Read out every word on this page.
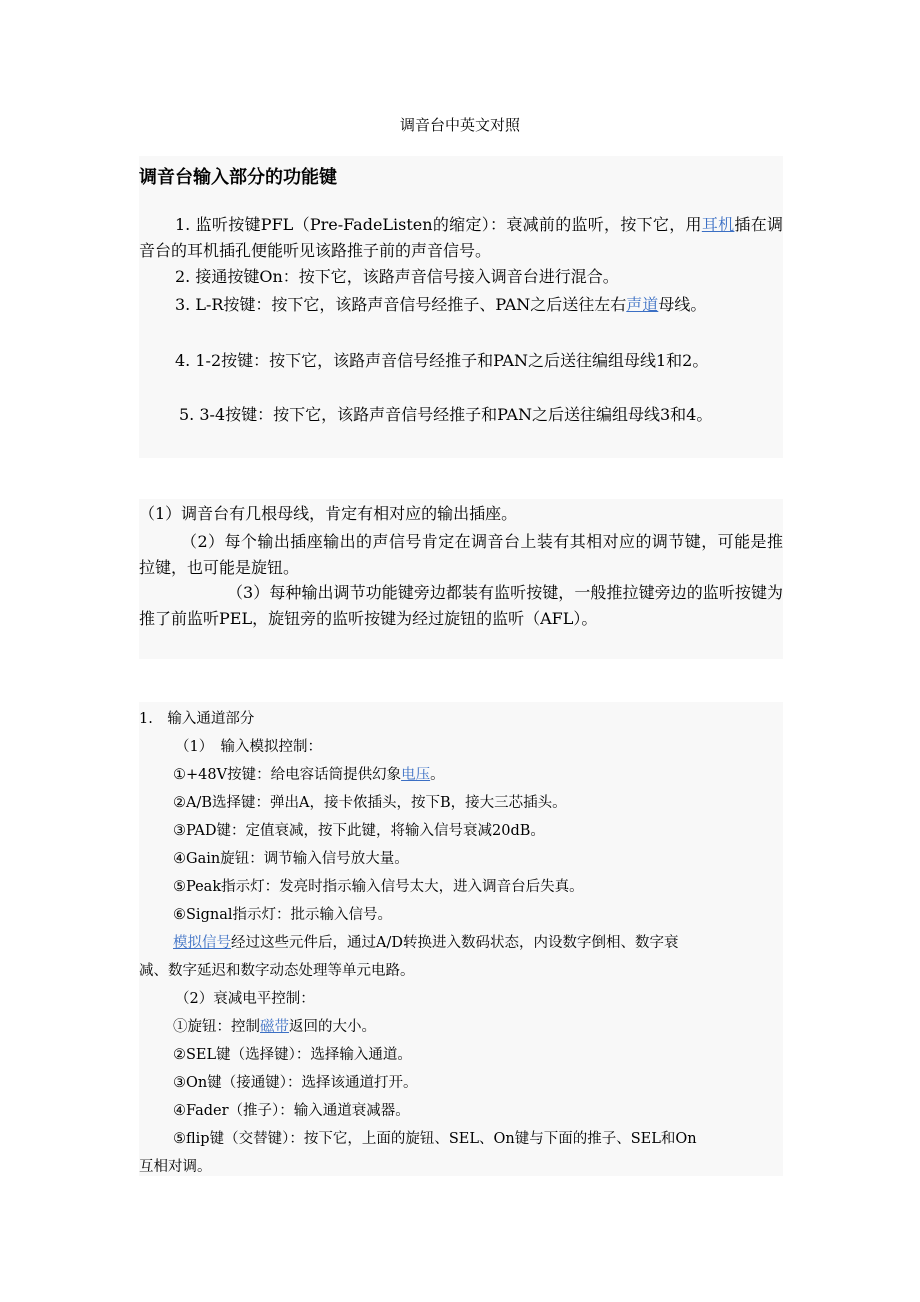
调音台中英文对照
调音台输入部分的功能键
1. 监听按键PFL（Pre-FadeListen的缩定）：衰减前的监听，按下它，用耳机插在调音台的耳机插孔便能听见该路推子前的声音信号。
2. 接通按键On：按下它，该路声音信号接入调音台进行混合。
3. L-R按键：按下它，该路声音信号经推子、PAN之后送往左右声道母线。
4. 1-2按键：按下它，该路声音信号经推子和PAN之后送往编组母线1和2。
5. 3-4按键：按下它，该路声音信号经推子和PAN之后送往编组母线3和4。
（1）调音台有几根母线，肯定有相对应的输出插座。
（2）每个输出插座输出的声信号肯定在调音台上装有其相对应的调节键，可能是推拉键，也可能是旋钮。
（3）每种输出调节功能键旁边都装有监听按键，一般推拉键旁边的监听按键为推了前监听PEL，旋钮旁的监听按键为经过旋钮的监听（AFL）。
1.　输入通道部分
（1）　输入模拟控制：
①+48V按键：给电容话筒提供幻象电压。
②A/B选择键：弹出A，接卡侬插头，按下B，接大三芯插头。
③PAD键：定值衰减，按下此键，将输入信号衰减20dB。
④Gain旋钮：调节输入信号放大量。
⑤Peak指示灯：发亮时指示输入信号太大，进入调音台后失真。
⑥Signal指示灯：批示输入信号。
模拟信号经过这些元件后，通过A/D转换进入数码状态，内设数字倒相、数字衰
减、数字延迟和数字动态处理等单元电路。
（2）衰减电平控制：
①旋钮：控制磁带返回的大小。
②SEL键（选择键）：选择输入通道。
③On键（接通键）：选择该通道打开。
④Fader（推子）：输入通道衰减器。
⑤flip键（交替键）：按下它，上面的旋钮、SEL、On键与下面的推子、SEL和On
互相对调。
